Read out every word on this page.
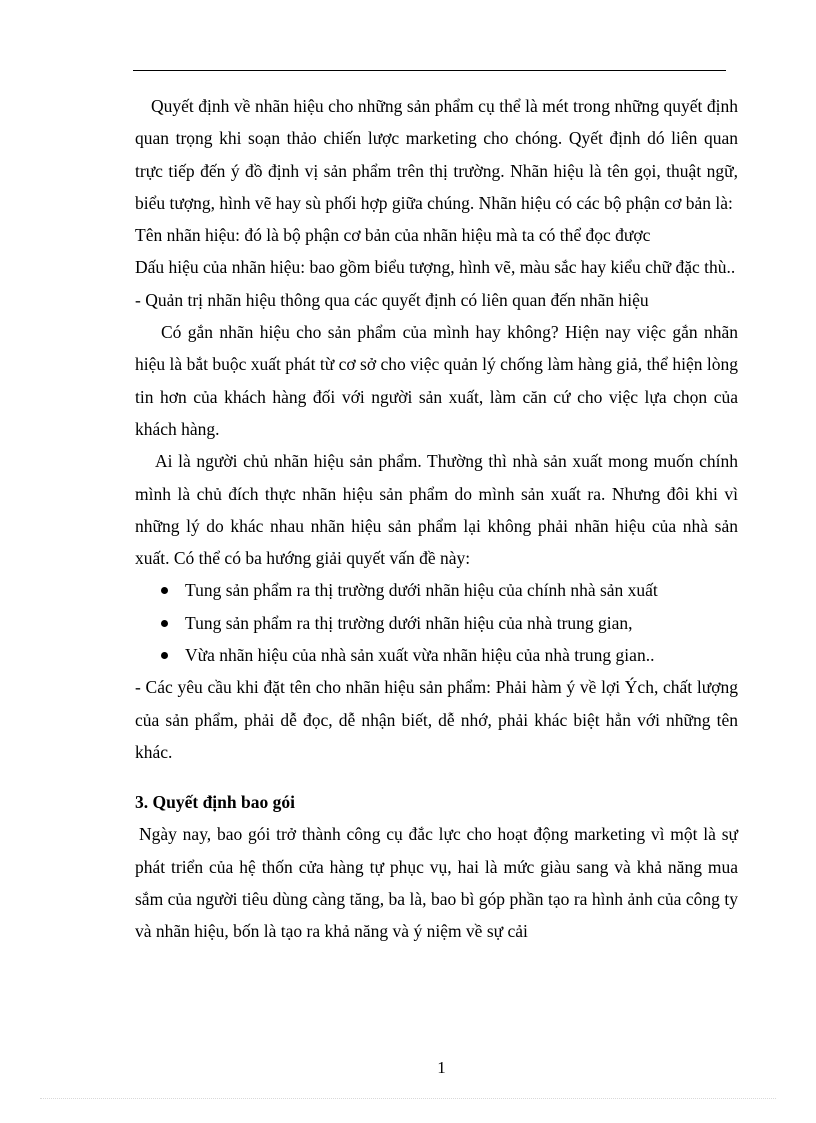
Quyết định về nhãn hiệu cho những sản phẩm cụ thể là mét trong những quyết định quan trọng khi soạn thảo chiến lược marketing cho chóng. Qyết định dó liên quan trực tiếp đến ý đồ định vị sản phẩm trên thị trường. Nhãn hiệu là tên gọi, thuật ngữ, biểu tượng, hình vẽ hay sù phối hợp giữa chúng. Nhãn hiệu có các bộ phận cơ bản là:

Tên nhãn hiệu: đó là bộ phận cơ bản của nhãn hiệu mà ta có thể đọc được

Dấu hiệu của nhãn hiệu: bao gồm biểu tượng, hình vẽ, màu sắc hay kiểu chữ đặc thù..

- Quản trị nhãn hiệu thông qua các quyết định có liên quan đến nhãn hiệu

Có gắn nhãn hiệu cho sản phẩm của mình hay không? Hiện nay việc gắn nhãn hiệu là bắt buộc xuất phát từ cơ sở cho việc quản lý chống làm hàng giả, thể hiện lòng tin hơn của khách hàng đối với người sản xuất, làm căn cứ cho việc lựa chọn của khách hàng.

Ai là người chủ nhãn hiệu sản phẩm. Thường thì nhà sản xuất mong muốn chính mình là chủ đích thực nhãn hiệu sản phẩm do mình sản xuất ra. Nhưng đôi khi vì những lý do khác nhau nhãn hiệu sản phẩm lại không phải nhãn hiệu của nhà sản xuất. Có thể có ba hướng giải quyết vấn đề này:

Tung sản phẩm ra thị trường dưới nhãn hiệu của chính nhà sản xuất
Tung sản phẩm ra thị trường dưới nhãn hiệu của nhà trung gian,
Vừa nhãn hiệu của nhà sản xuất vừa nhãn hiệu của nhà trung gian..

- Các yêu cầu khi đặt tên cho nhãn hiệu sản phẩm: Phải hàm ý về lợi Ých, chất lượng của sản phẩm, phải dễ đọc, dễ nhận biết, dễ nhớ, phải khác biệt hẳn với những tên khác.

3. Quyết định bao gói

Ngày nay, bao gói trở thành công cụ đắc lực cho hoạt động marketing vì một là sự phát triển của hệ thốn cửa hàng tự phục vụ, hai là mức giàu sang và khả năng mua sắm của người tiêu dùng càng tăng, ba là, bao bì góp phần tạo ra hình ảnh của công ty và nhãn hiệu, bốn là tạo ra khả năng và ý niệm về sự cải

1
